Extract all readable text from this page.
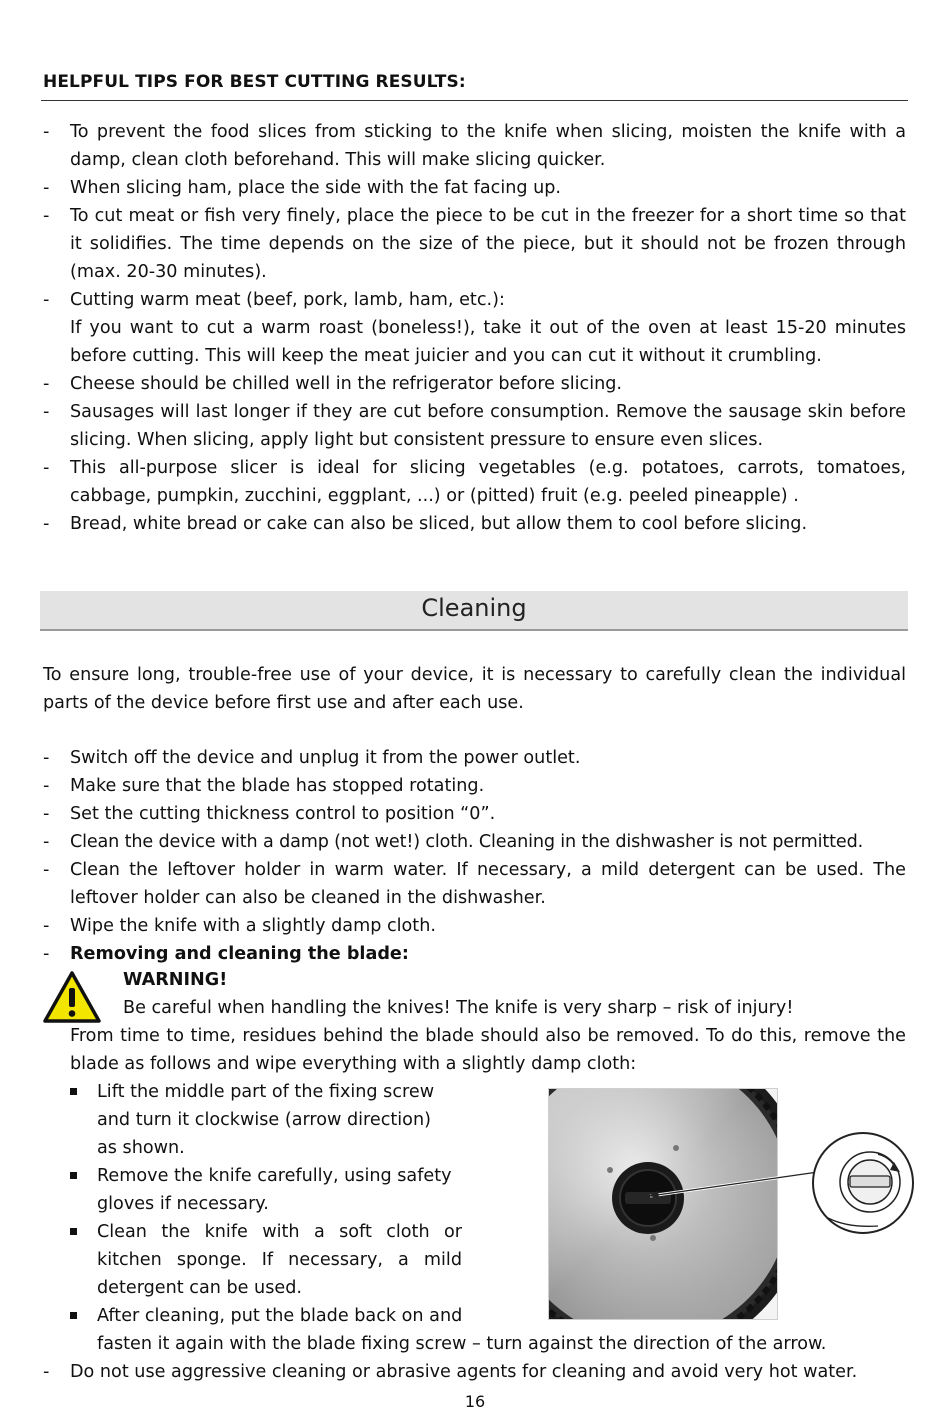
HELPFUL TIPS FOR BEST CUTTING RESULTS:
- To prevent the food slices from sticking to the knife when slicing, moisten the knife with a damp, clean cloth beforehand. This will make slicing quicker.
- When slicing ham, place the side with the fat facing up.
- To cut meat or fish very finely, place the piece to be cut in the freezer for a short time so that it solidifies. The time depends on the size of the piece, but it should not be frozen through (max. 20-30 minutes).
- Cutting warm meat (beef, pork, lamb, ham, etc.):
If you want to cut a warm roast (boneless!), take it out of the oven at least 15-20 minutes before cutting. This will keep the meat juicier and you can cut it without it crumbling.
- Cheese should be chilled well in the refrigerator before slicing.
- Sausages will last longer if they are cut before consumption. Remove the sausage skin before slicing. When slicing, apply light but consistent pressure to ensure even slices.
- This all-purpose slicer is ideal for slicing vegetables (e.g. potatoes, carrots, tomatoes, cabbage, pumpkin, zucchini, eggplant, ...) or (pitted) fruit (e.g. peeled pineapple) .
- Bread, white bread or cake can also be sliced, but allow them to cool before slicing.
Cleaning
To ensure long, trouble-free use of your device, it is necessary to carefully clean the individual parts of the device before first use and after each use.
- Switch off the device and unplug it from the power outlet.
- Make sure that the blade has stopped rotating.
- Set the cutting thickness control to position “0”.
- Clean the device with a damp (not wet!) cloth. Cleaning in the dishwasher is not permitted.
- Clean the leftover holder in warm water. If necessary, a mild detergent can be used. The leftover holder can also be cleaned in the dishwasher.
- Wipe the knife with a slightly damp cloth.
- Removing and cleaning the blade:
WARNING!
Be careful when handling the knives! The knife is very sharp – risk of injury!
From time to time, residues behind the blade should also be removed. To do this, remove the blade as follows and wipe everything with a slightly damp cloth:
Lift the middle part of the fixing screw and turn it clockwise (arrow direction) as shown.
Remove the knife carefully, using safety gloves if necessary.
Clean the knife with a soft cloth or kitchen sponge. If necessary, a mild detergent can be used.
After cleaning, put the blade back on and
fasten it again with the blade fixing screw – turn against the direction of the arrow.
- Do not use aggressive cleaning or abrasive agents for cleaning and avoid very hot water.
16
